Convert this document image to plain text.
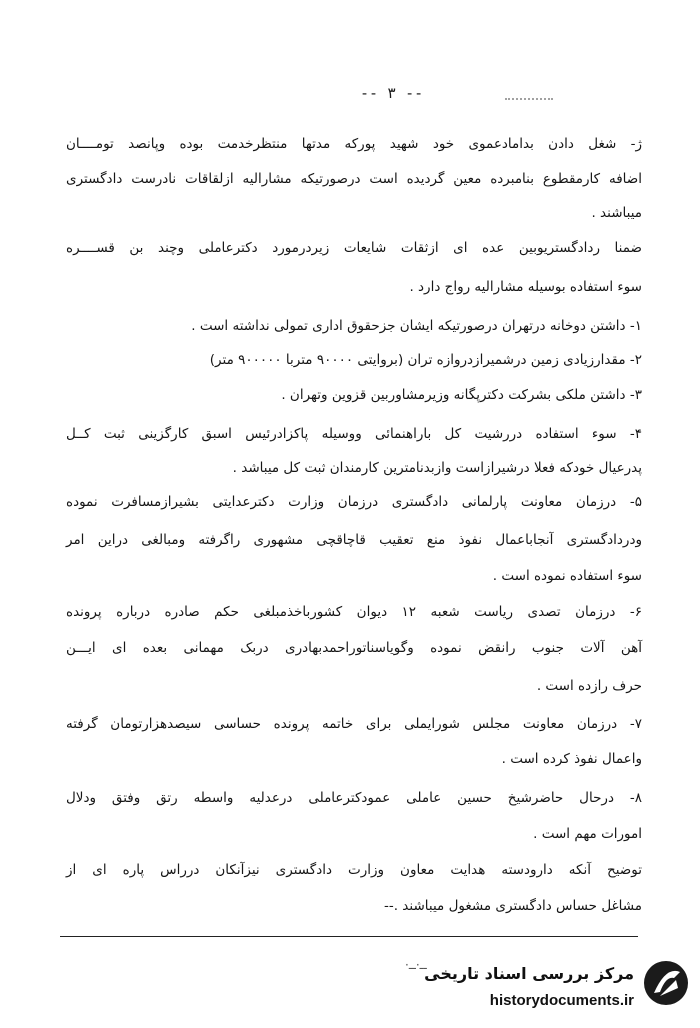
-- ۳ --
ژ- شغل دادن بدامادعموی خود شهید پورکه مدتها منتظرخدمت بوده وپانصد تومــــان
اضافه کارمقطوع بنامبرده معین گردیده است درصورتیکه مشارالیه ازلقاقات نادرست دادگستری
میباشند .
ضمنا ردادگستریوبین عده ای ازثقات شایعات زیردرمورد دکترعاملی وچند بن قســــره
سوء استفاده بوسیله مشارالیه رواج دارد .
۱- داشتن دوخانه درتهران درصورتیکه ایشان جزحقوق اداری تمولی نداشته است .
۲- مقدارزیادی زمین درشمیرازدروازه تران (بروایتی ۹۰۰۰۰ متربا ۹۰۰۰۰۰ متر)
۳- داشتن ملکی بشرکت دکترپگانه وزیرمشاوربین قزوین وتهران .
۴- سوء استفاده دررشیت کل باراهنمائی ووسیله پاکزادرئیس اسبق کارگزینی ثبت کــل
پدرعیال خودکه فعلا درشیرازاست وازبدنامترین کارمندان ثبت کل میباشد .
۵- درزمان معاونت پارلمانی دادگستری درزمان وزارت دکترعدایتی بشیرازمسافرت نموده
ودردادگستری آنجاباعمال نفوذ منع تعقیب قاچاقچی مشهوری راگرفته ومبالغی دراین امر
سوء استفاده نموده است .
۶- درزمان تصدی ریاست شعبه ۱۲ دیوان کشورباخذمبلغی حکم صادره درباره پرونده
آهن آلات جنوب رانقض نموده وگویاسناتوراحمدبهادری دربک مهمانی بعده ای ایـــن
حرف رازده است .
۷- درزمان معاونت مجلس شورایملی برای خاتمه پرونده حساسی سیصدهزارتومان گرفته
واعمال نفوذ کرده است .
۸- درحال حاضرشیخ حسین عاملی عمودکترعاملی درعدلیه واسطه رتق وفتق ودلال
امورات مهم است .
توضیح آنکه دارودسته هدایت معاون وزارت دادگستری نیزآنکان درراس پاره ای از
مشاغل حساس دادگستری مشغول میباشند .--
·ــ·ــ
مرکز بررسی اسناد تاریخی
historydocuments.ir
